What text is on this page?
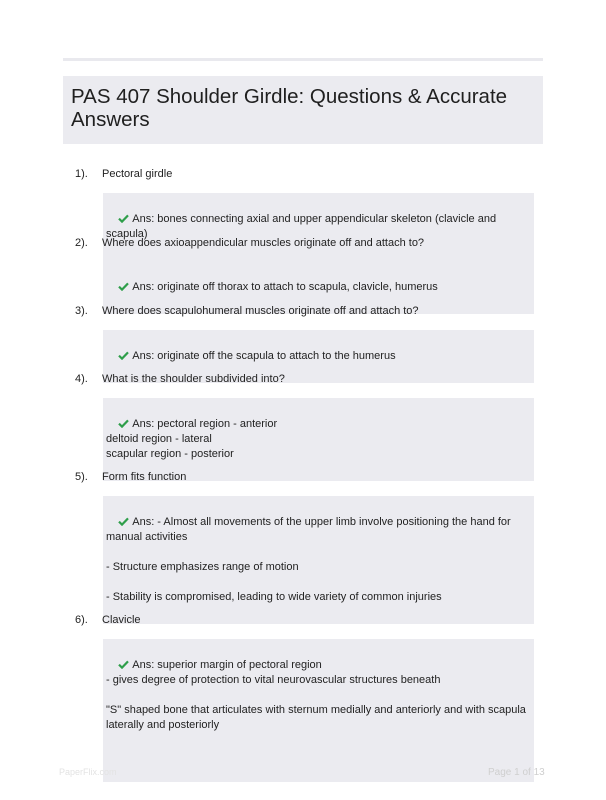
PAS 407 Shoulder Girdle: Questions & Accurate Answers
1). Pectoral girdle

Ans: bones connecting axial and upper appendicular skeleton (clavicle and scapula)

2). Where does axioappendicular muscles originate off and attach to?

Ans: originate off thorax to attach to scapula, clavicle, humerus

3). Where does scapulohumeral muscles originate off and attach to?

Ans: originate off the scapula to attach to the humerus

4). What is the shoulder subdivided into?

Ans: pectoral region - anterior
deltoid region - lateral
scapular region - posterior

5). Form fits function

Ans: - Almost all movements of the upper limb involve positioning the hand for manual activities

- Structure emphasizes range of motion

- Stability is compromised, leading to wide variety of common injuries

6). Clavicle

Ans: superior margin of pectoral region
- gives degree of protection to vital neurovascular structures beneath

"S" shaped bone that articulates with sternum medially and anteriorly and with scapula laterally and posteriorly

PaperFlix.com	Page 1 of 13
